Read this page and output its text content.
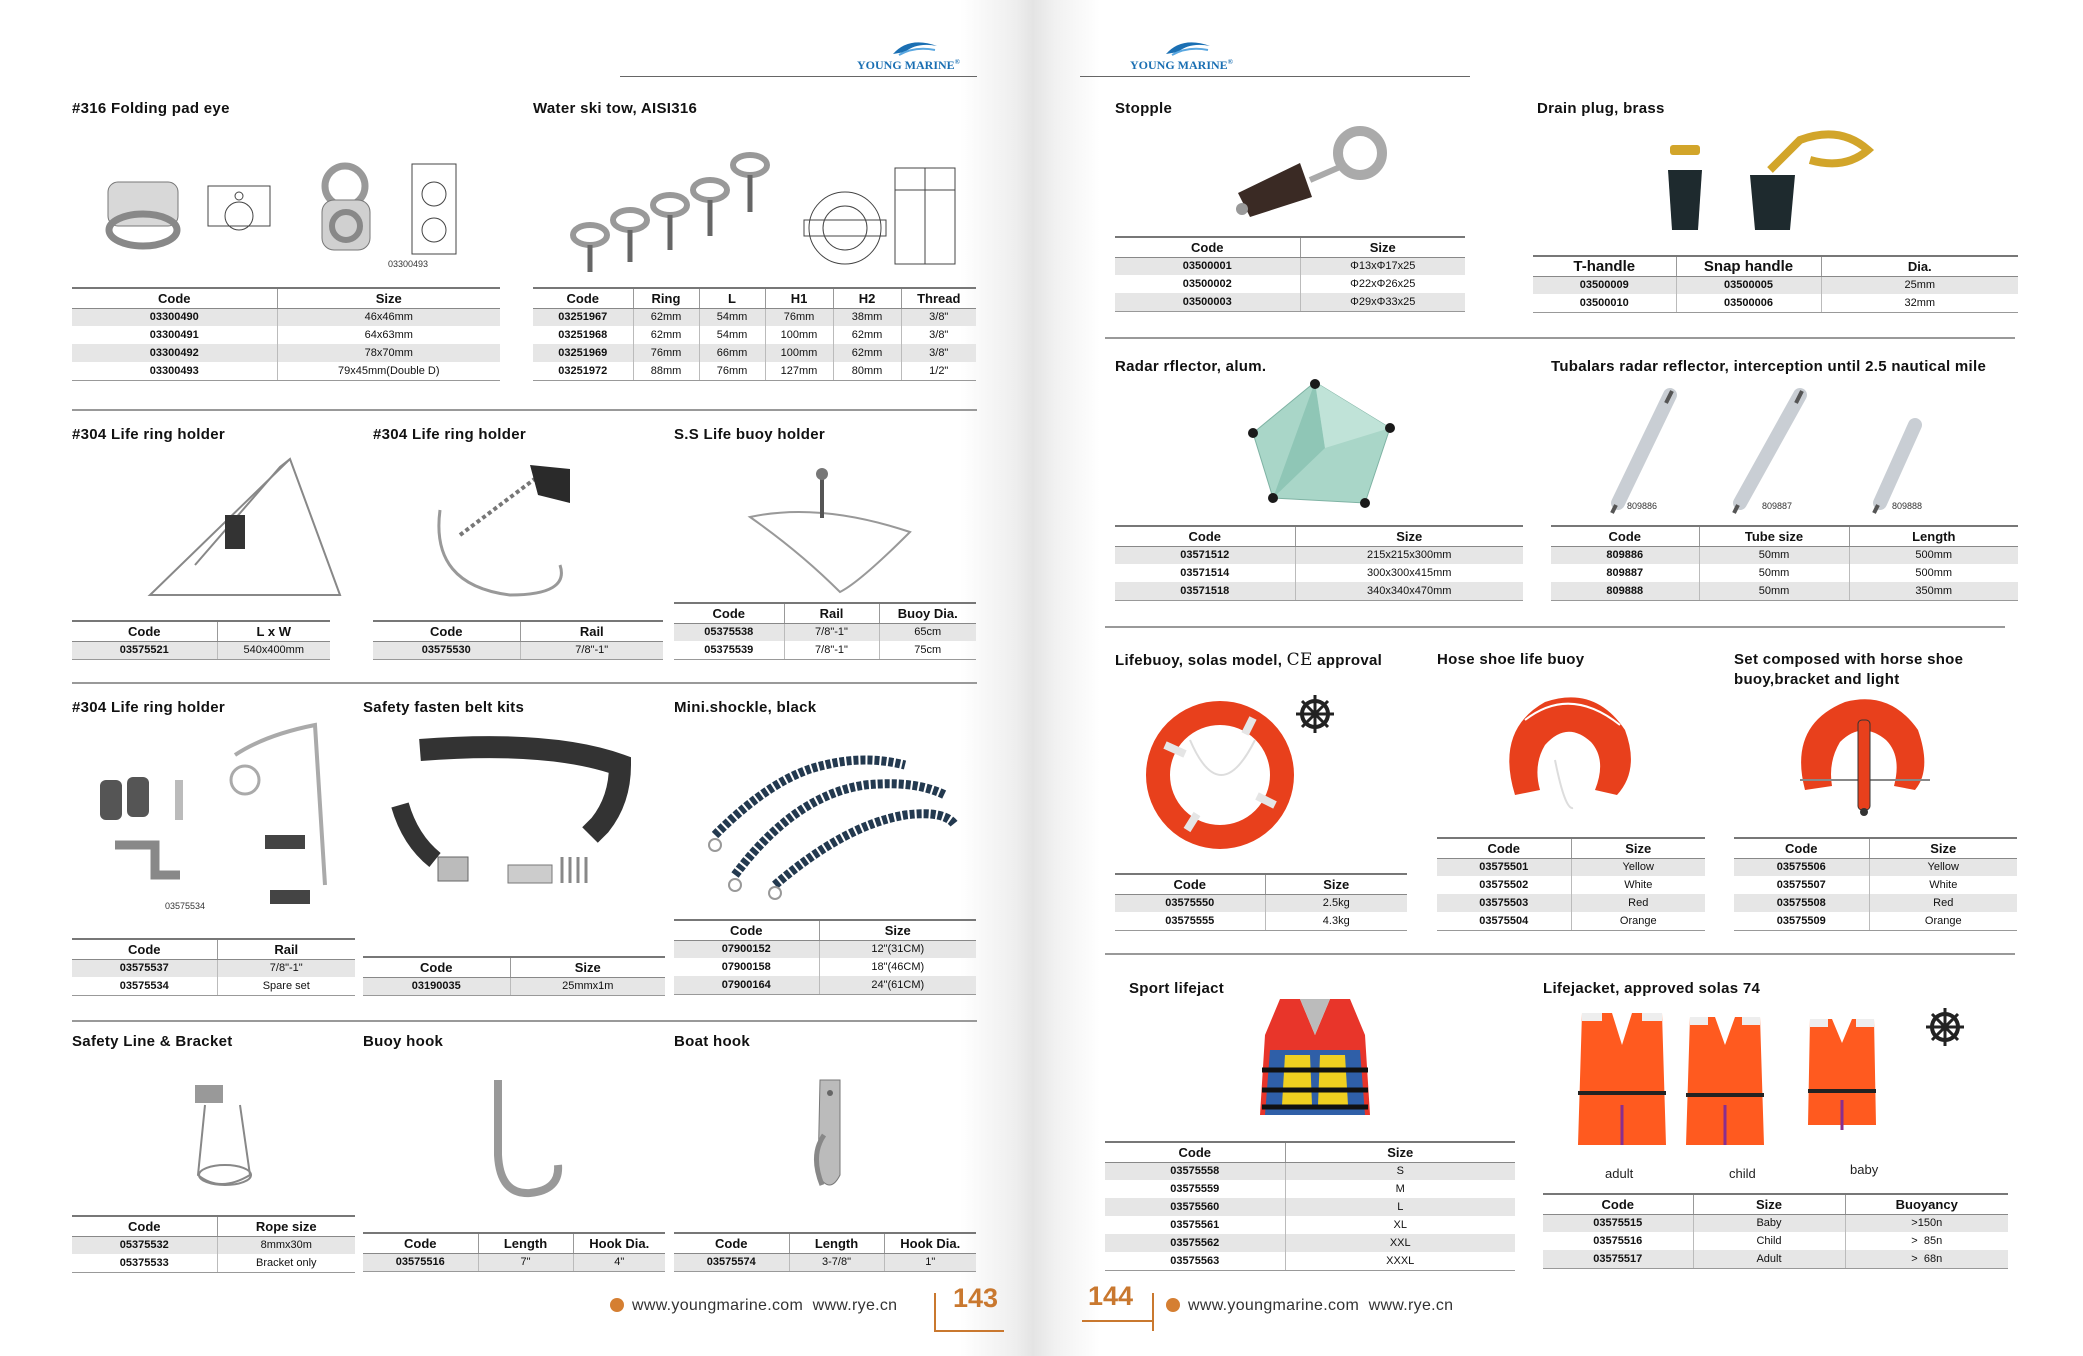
YOUNG MARINE®	YOUNG MARINE®
#316 Folding pad eye
03300493
Code	Size
03300490	46x46mm
03300491	64x63mm
03300492	78x70mm
03300493	79x45mm(Double D)
Water ski tow, AISI316
Code	Ring	L	H1	H2	Thread
03251967	62mm	54mm	76mm	38mm	3/8"
03251968	62mm	54mm	100mm	62mm	3/8"
03251969	76mm	66mm	100mm	62mm	3/8"
03251972	88mm	76mm	127mm	80mm	1/2"
#304 Life ring holder
Code	L x W
03575521	540x400mm
#304 Life ring holder
Code	Rail
03575530	7/8"-1"
S.S Life buoy holder
Code	Rail	Buoy Dia.
05375538	7/8"-1"	65cm
05375539	7/8"-1"	75cm
#304 Life ring holder
03575534
Code	Rail
03575537	7/8"-1"
03575534	Spare set
Safety fasten belt kits
Code	Size
03190035	25mmx1m
Mini.shockle, black
Code	Size
07900152	12"(31CM)
07900158	18"(46CM)
07900164	24"(61CM)
Safety Line & Bracket
Code	Rope size
05375532	8mmx30m
05375533	Bracket only
Buoy hook
Code	Length	Hook Dia.
03575516	7"	4"
Boat hook
Code	Length	Hook Dia.
03575574	3-7/8"	1"
www.youngmarine.com  www.rye.cn 143
Stopple
Code	Size
03500001	Φ13xΦ17x25
03500002	Φ22xΦ26x25
03500003	Φ29xΦ33x25
Drain plug, brass
T-handle	Snap handle	Dia.
03500009	03500005	25mm
03500010	03500006	32mm
Radar rflector, alum.
Code	Size
03571512	215x215x300mm
03571514	300x300x415mm
03571518	340x340x470mm
Tubalars radar reflector, interception until 2.5 nautical mile
809886	809887	809888
Code	Tube size	Length
809886	50mm	500mm
809887	50mm	500mm
809888	50mm	350mm
Lifebuoy, solas model, CE approval
Code	Size
03575550	2.5kg
03575555	4.3kg
Hose shoe life buoy
Code	Size
03575501	Yellow
03575502	White
03575503	Red
03575504	Orange
Set composed with horse shoe buoy,bracket and light
Code	Size
03575506	Yellow
03575507	White
03575508	Red
03575509	Orange
Sport lifejact
Code	Size
03575558	S
03575559	M
03575560	L
03575561	XL
03575562	XXL
03575563	XXXL
Lifejacket, approved solas 74
adult	child	baby
Code	Size	Buoyancy
03575515	Baby	>150n
03575516	Child	>  85n
03575517	Adult	>  68n
144	www.youngmarine.com  www.rye.cn
